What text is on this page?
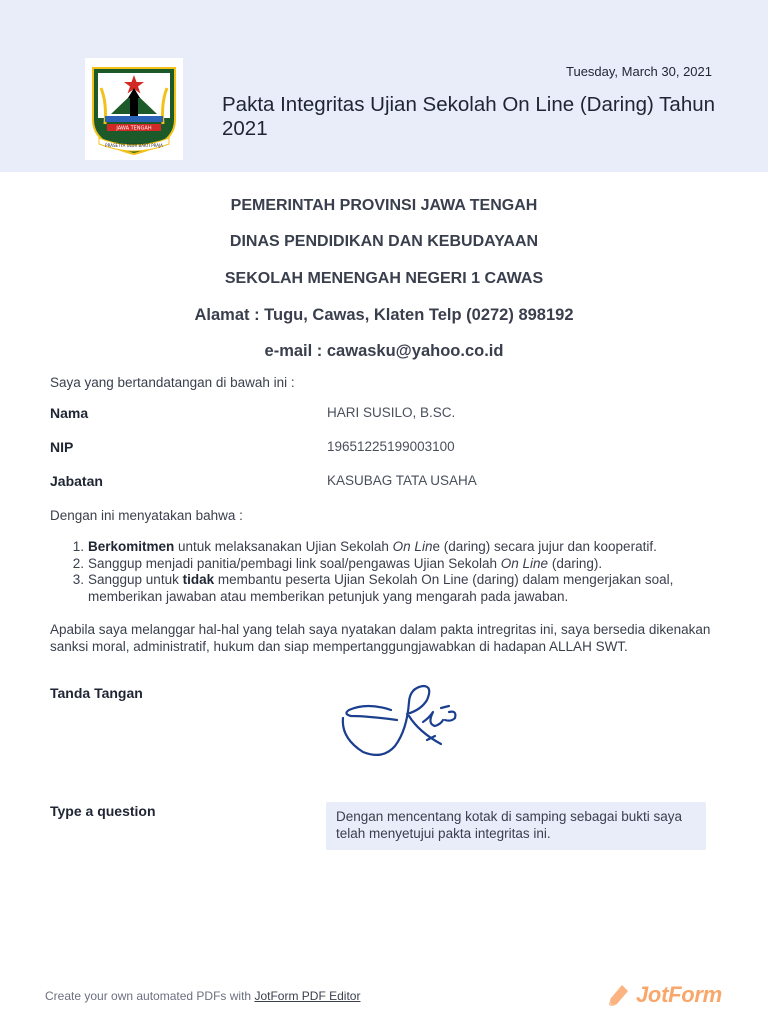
JAWA TENGAH
PRASETYA ULUR BAKTI PRAJA
Tuesday, March 30, 2021
Pakta Integritas Ujian Sekolah On Line (Daring) Tahun 2021
PEMERINTAH PROVINSI JAWA TENGAH
DINAS PENDIDIKAN DAN KEBUDAYAAN
SEKOLAH MENENGAH NEGERI 1 CAWAS
Alamat : Tugu, Cawas, Klaten Telp (0272) 898192
e-mail : cawasku@yahoo.co.id
Saya yang bertandatangan di bawah ini :
Nama	HARI SUSILO, B.SC.
NIP	19651225199003100
Jabatan	KASUBAG TATA USAHA
Dengan ini menyatakan bahwa :
1. Berkomitmen untuk melaksanakan Ujian Sekolah On Line (daring) secara jujur dan kooperatif.
2. Sanggup menjadi panitia/pembagi link soal/pengawas Ujian Sekolah On Line (daring).
3. Sanggup untuk tidak membantu peserta Ujian Sekolah On Line (daring) dalam mengerjakan soal, memberikan jawaban atau memberikan petunjuk yang mengarah pada jawaban.
Apabila saya melanggar hal-hal yang telah saya nyatakan dalam pakta intregritas ini, saya bersedia dikenakan sanksi moral, administratif, hukum dan siap mempertanggungjawabkan di hadapan ALLAH SWT.
Tanda Tangan
Type a question	Dengan mencentang kotak di samping sebagai bukti saya telah menyetujui pakta integritas ini.
Create your own automated PDFs with JotForm PDF Editor	JotForm
